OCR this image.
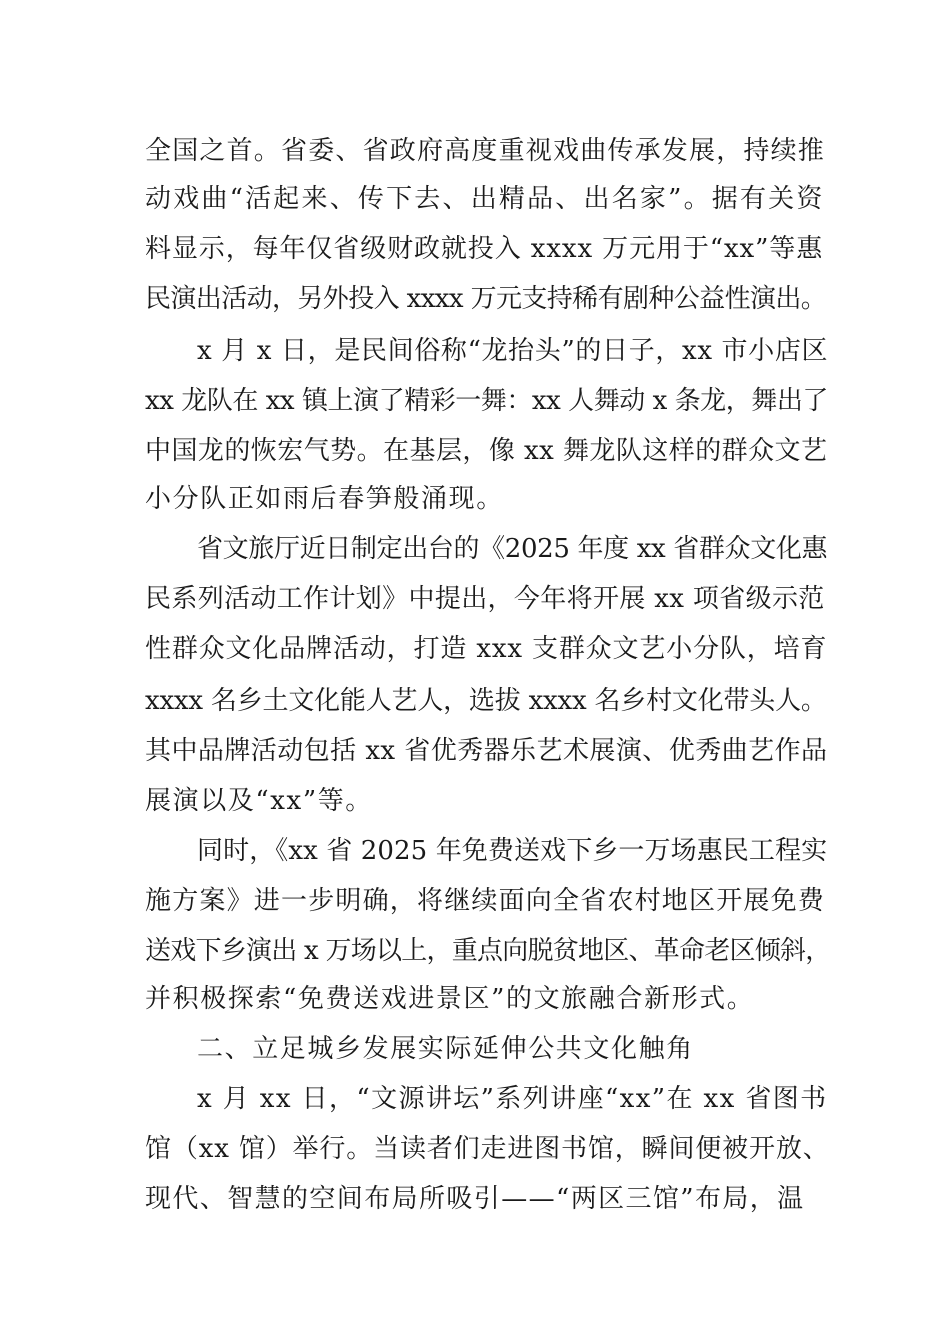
全国之首。省委、省政府高度重视戏曲传承发展，持续推
动戏曲“活起来、传下去、出精品、出名家”。据有关资
料显示，每年仅省级财政就投入 xxxx 万元用于“xx”等惠
民演出活动，另外投入 xxxx 万元支持稀有剧种公益性演出。
x 月 x 日，是民间俗称“龙抬头”的日子，xx 市小店区
xx 龙队在 xx 镇上演了精彩一舞：xx 人舞动 x 条龙，舞出了
中国龙的恢宏气势。在基层，像 xx 舞龙队这样的群众文艺
小分队正如雨后春笋般涌现。
省文旅厅近日制定出台的《2025 年度 xx 省群众文化惠
民系列活动工作计划》中提出，今年将开展 xx 项省级示范
性群众文化品牌活动，打造 xxx 支群众文艺小分队，培育
xxxx 名乡土文化能人艺人，选拔 xxxx 名乡村文化带头人。
其中品牌活动包括 xx 省优秀器乐艺术展演、优秀曲艺作品
展演以及“xx”等。
同时，《xx 省 2025 年免费送戏下乡一万场惠民工程实
施方案》进一步明确，将继续面向全省农村地区开展免费
送戏下乡演出 x 万场以上，重点向脱贫地区、革命老区倾斜，
并积极探索“免费送戏进景区”的文旅融合新形式。
二、立足城乡发展实际延伸公共文化触角
x 月 xx 日，“文源讲坛”系列讲座“xx”在 xx 省图书
馆（xx 馆）举行。当读者们走进图书馆，瞬间便被开放、
现代、智慧的空间布局所吸引——“两区三馆”布局，温
